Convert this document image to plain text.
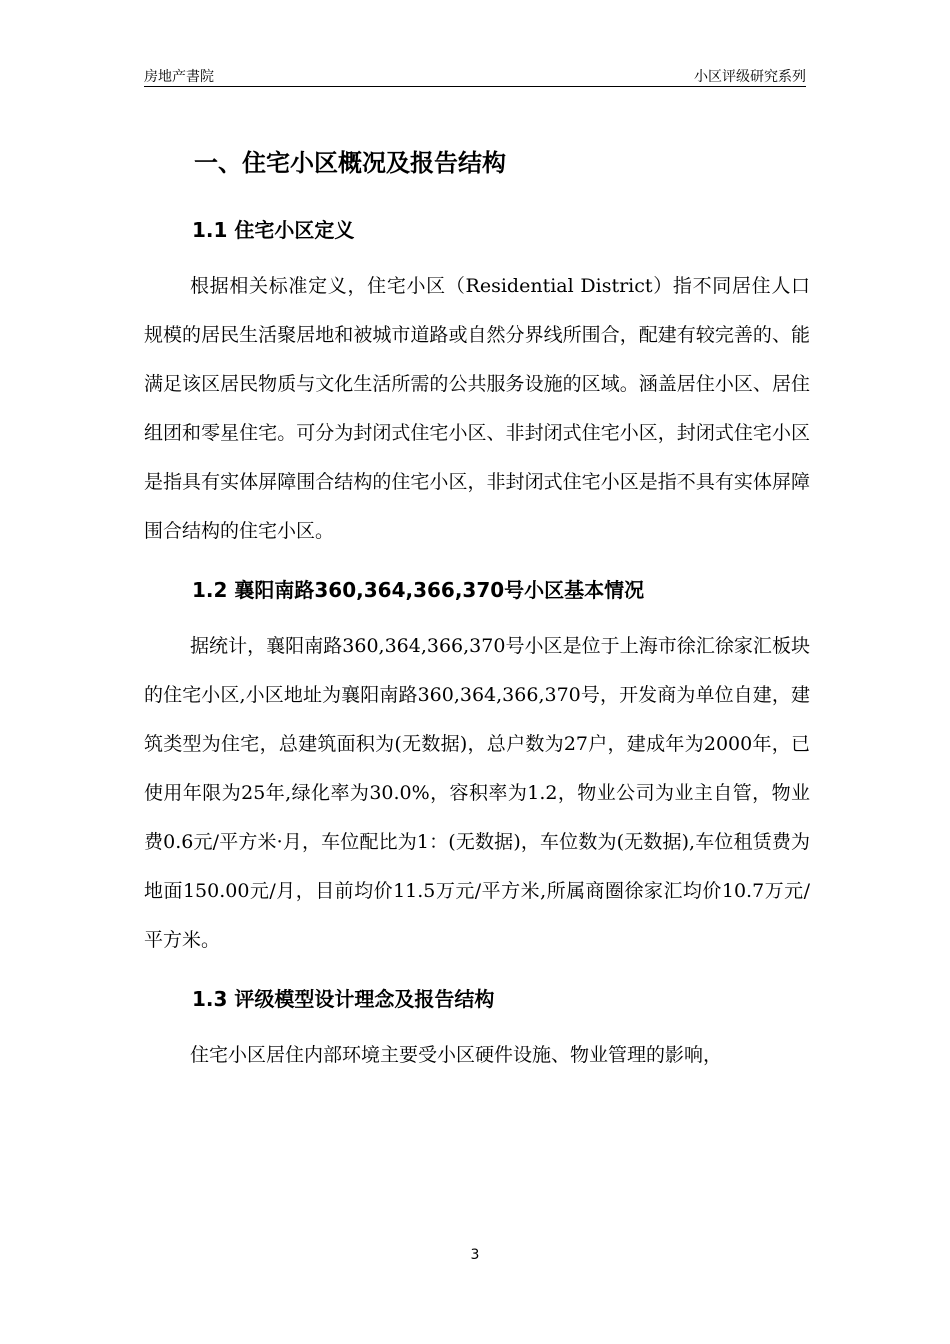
房地产書院	小区评级研究系列
一、住宅小区概况及报告结构
1.1 住宅小区定义

根据相关标准定义，住宅小区（Residential District）指不同居住人口规模的居民生活聚居地和被城市道路或自然分界线所围合，配建有较完善的、能满足该区居民物质与文化生活所需的公共服务设施的区域。涵盖居住小区、居住组团和零星住宅。可分为封闭式住宅小区、非封闭式住宅小区，封闭式住宅小区是指具有实体屏障围合结构的住宅小区，非封闭式住宅小区是指不具有实体屏障围合结构的住宅小区。

1.2 襄阳南路360,364,366,370号小区基本情况

据统计，襄阳南路360,364,366,370号小区是位于上海市徐汇徐家汇板块的住宅小区,小区地址为襄阳南路360,364,366,370号，开发商为单位自建，建筑类型为住宅，总建筑面积为(无数据)，总户数为27户，建成年为2000年，已使用年限为25年,绿化率为30.0%，容积率为1.2，物业公司为业主自管，物业费0.6元/平方米·月，车位配比为1：(无数据)，车位数为(无数据),车位租赁费为地面150.00元/月，目前均价11.5万元/平方米,所属商圈徐家汇均价10.7万元/平方米。

1.3 评级模型设计理念及报告结构

住宅小区居住内部环境主要受小区硬件设施、物业管理的影响，

3
